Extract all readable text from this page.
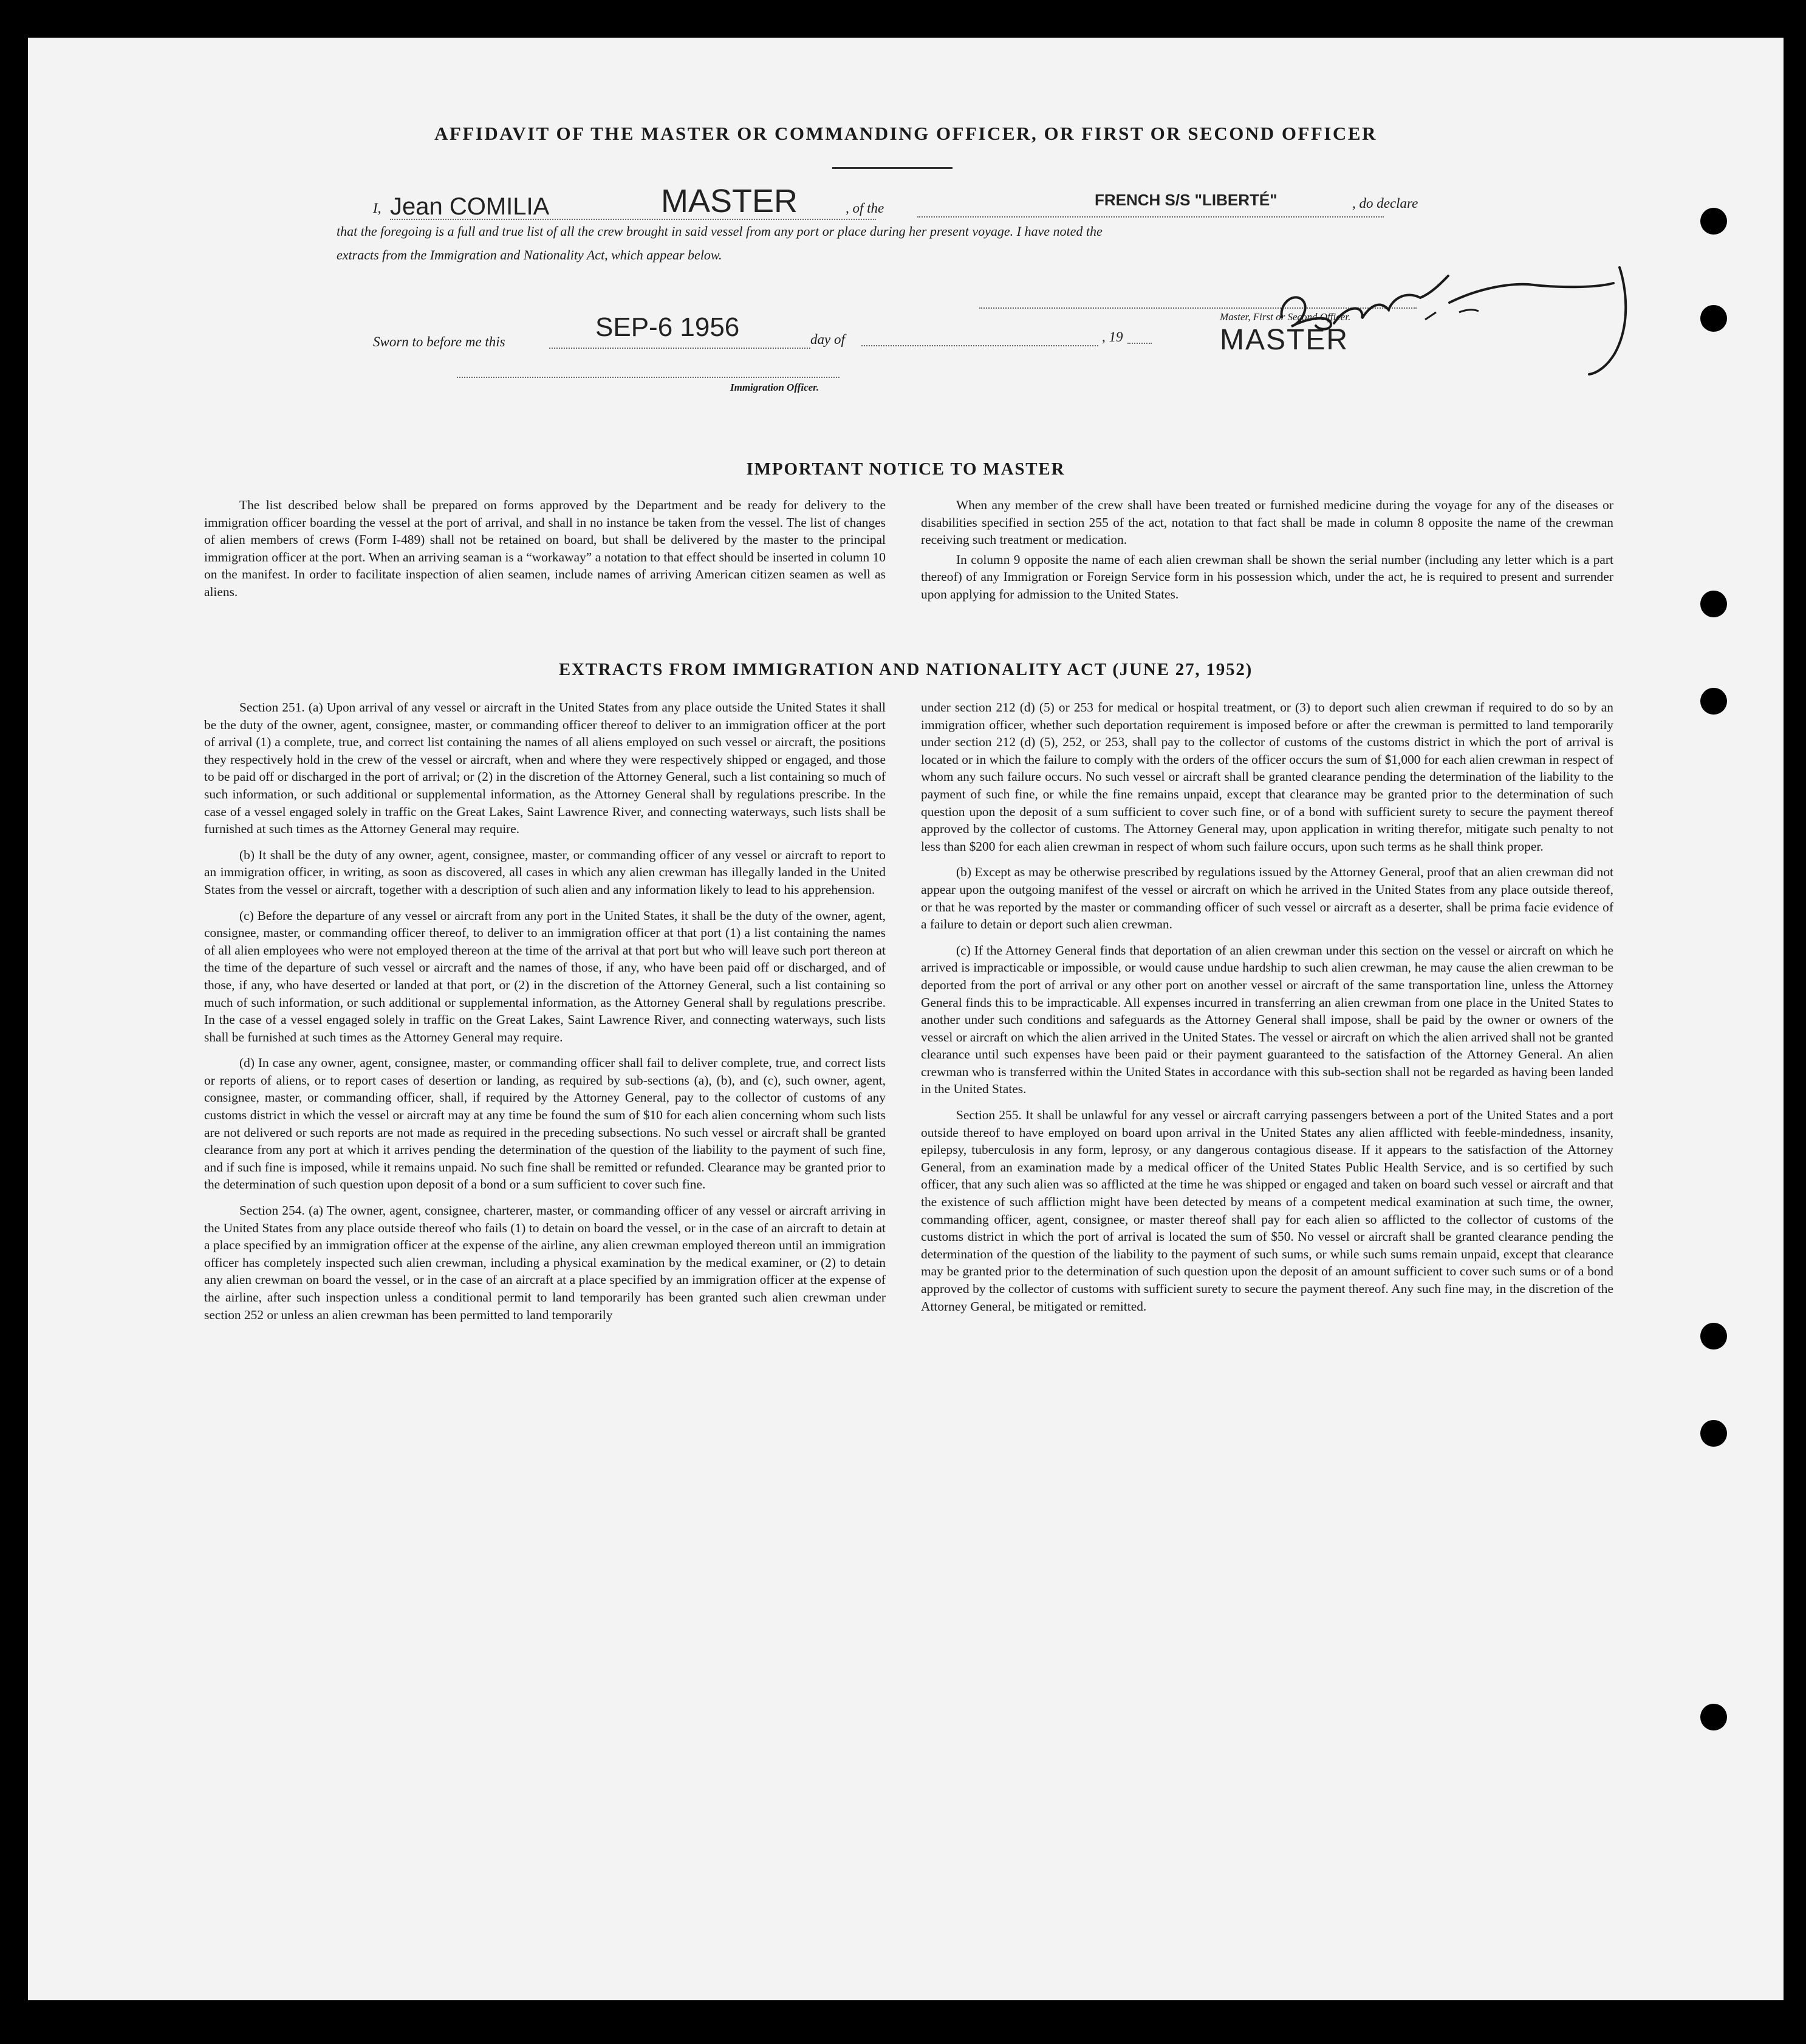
AFFIDAVIT OF THE MASTER OR COMMANDING OFFICER, OR FIRST OR SECOND OFFICER
I, Jean COMILIA	MASTER	, of the	FRENCH S/S "LIBERTÉ"	, do declare
that the foregoing is a full and true list of all the crew brought in said vessel from any port or place during her present voyage. I have noted the
extracts from the Immigration and Nationality Act, which appear below.
Sworn to before me this	SEP-6 1956	day of	, 19
Master, First or Second Officer.
MASTER
Immigration Officer.
IMPORTANT NOTICE TO MASTER

The list described below shall be prepared on forms approved by the Department and be ready for delivery to the immigration officer boarding the vessel at the port of arrival, and shall in no instance be taken from the vessel. The list of changes of alien members of crews (Form I-489) shall not be retained on board, but shall be delivered by the master to the principal immigration officer at the port. When an arriving seaman is a “workaway” a notation to that effect should be inserted in column 10 on the manifest. In order to facilitate inspection of alien seamen, include names of arriving American citizen seamen as well as aliens.

When any member of the crew shall have been treated or furnished medicine during the voyage for any of the diseases or disabilities specified in section 255 of the act, notation to that fact shall be made in column 8 opposite the name of the crewman receiving such treatment or medication.

In column 9 opposite the name of each alien crewman shall be shown the serial number (including any letter which is a part thereof) of any Immigration or Foreign Service form in his possession which, under the act, he is required to present and surrender upon applying for admission to the United States.

EXTRACTS FROM IMMIGRATION AND NATIONALITY ACT (JUNE 27, 1952)

Section 251. (a) Upon arrival of any vessel or aircraft in the United States from any place outside the United States it shall be the duty of the owner, agent, consignee, master, or commanding officer thereof to deliver to an immigration officer at the port of arrival (1) a complete, true, and correct list containing the names of all aliens employed on such vessel or aircraft, the positions they respectively hold in the crew of the vessel or aircraft, when and where they were respectively shipped or engaged, and those to be paid off or discharged in the port of arrival; or (2) in the discretion of the Attorney General, such a list containing so much of such information, or such additional or supplemental information, as the Attorney General shall by regulations prescribe. In the case of a vessel engaged solely in traffic on the Great Lakes, Saint Lawrence River, and connecting waterways, such lists shall be furnished at such times as the Attorney General may require.

(b) It shall be the duty of any owner, agent, consignee, master, or commanding officer of any vessel or aircraft to report to an immigration officer, in writing, as soon as discovered, all cases in which any alien crewman has illegally landed in the United States from the vessel or aircraft, together with a description of such alien and any information likely to lead to his apprehension.

(c) Before the departure of any vessel or aircraft from any port in the United States, it shall be the duty of the owner, agent, consignee, master, or commanding officer thereof, to deliver to an immigration officer at that port (1) a list containing the names of all alien employees who were not employed thereon at the time of the arrival at that port but who will leave such port thereon at the time of the departure of such vessel or aircraft and the names of those, if any, who have been paid off or discharged, and of those, if any, who have deserted or landed at that port, or (2) in the discretion of the Attorney General, such a list containing so much of such information, or such additional or supplemental information, as the Attorney General shall by regulations prescribe. In the case of a vessel engaged solely in traffic on the Great Lakes, Saint Lawrence River, and connecting waterways, such lists shall be furnished at such times as the Attorney General may require.

(d) In case any owner, agent, consignee, master, or commanding officer shall fail to deliver complete, true, and correct lists or reports of aliens, or to report cases of desertion or landing, as required by sub-sections (a), (b), and (c), such owner, agent, consignee, master, or commanding officer, shall, if required by the Attorney General, pay to the collector of customs of any customs district in which the vessel or aircraft may at any time be found the sum of $10 for each alien concerning whom such lists are not delivered or such reports are not made as required in the preceding subsections. No such vessel or aircraft shall be granted clearance from any port at which it arrives pending the determination of the question of the liability to the payment of such fine, and if such fine is imposed, while it remains unpaid. No such fine shall be remitted or refunded. Clearance may be granted prior to the determination of such question upon deposit of a bond or a sum sufficient to cover such fine.

Section 254. (a) The owner, agent, consignee, charterer, master, or commanding officer of any vessel or aircraft arriving in the United States from any place outside thereof who fails (1) to detain on board the vessel, or in the case of an aircraft to detain at a place specified by an immigration officer at the expense of the airline, any alien crewman employed thereon until an immigration officer has completely inspected such alien crewman, including a physical examination by the medical examiner, or (2) to detain any alien crewman on board the vessel, or in the case of an aircraft at a place specified by an immigration officer at the expense of the airline, after such inspection unless a conditional permit to land temporarily has been granted such alien crewman under section 252 or unless an alien crewman has been permitted to land temporarily

under section 212 (d) (5) or 253 for medical or hospital treatment, or (3) to deport such alien crewman if required to do so by an immigration officer, whether such deportation requirement is imposed before or after the crewman is permitted to land temporarily under section 212 (d) (5), 252, or 253, shall pay to the collector of customs of the customs district in which the port of arrival is located or in which the failure to comply with the orders of the officer occurs the sum of $1,000 for each alien crewman in respect of whom any such failure occurs. No such vessel or aircraft shall be granted clearance pending the determination of the liability to the payment of such fine, or while the fine remains unpaid, except that clearance may be granted prior to the determination of such question upon the deposit of a sum sufficient to cover such fine, or of a bond with sufficient surety to secure the payment thereof approved by the collector of customs. The Attorney General may, upon application in writing therefor, mitigate such penalty to not less than $200 for each alien crewman in respect of whom such failure occurs, upon such terms as he shall think proper.

(b) Except as may be otherwise prescribed by regulations issued by the Attorney General, proof that an alien crewman did not appear upon the outgoing manifest of the vessel or aircraft on which he arrived in the United States from any place outside thereof, or that he was reported by the master or commanding officer of such vessel or aircraft as a deserter, shall be prima facie evidence of a failure to detain or deport such alien crewman.

(c) If the Attorney General finds that deportation of an alien crewman under this section on the vessel or aircraft on which he arrived is impracticable or impossible, or would cause undue hardship to such alien crewman, he may cause the alien crewman to be deported from the port of arrival or any other port on another vessel or aircraft of the same transportation line, unless the Attorney General finds this to be impracticable. All expenses incurred in transferring an alien crewman from one place in the United States to another under such conditions and safeguards as the Attorney General shall impose, shall be paid by the owner or owners of the vessel or aircraft on which the alien arrived in the United States. The vessel or aircraft on which the alien arrived shall not be granted clearance until such expenses have been paid or their payment guaranteed to the satisfaction of the Attorney General. An alien crewman who is transferred within the United States in accordance with this sub-section shall not be regarded as having been landed in the United States.

Section 255. It shall be unlawful for any vessel or aircraft carrying passengers between a port of the United States and a port outside thereof to have employed on board upon arrival in the United States any alien afflicted with feeble-mindedness, insanity, epilepsy, tuberculosis in any form, leprosy, or any dangerous contagious disease. If it appears to the satisfaction of the Attorney General, from an examination made by a medical officer of the United States Public Health Service, and is so certified by such officer, that any such alien was so afflicted at the time he was shipped or engaged and taken on board such vessel or aircraft and that the existence of such affliction might have been detected by means of a competent medical examination at such time, the owner, commanding officer, agent, consignee, or master thereof shall pay for each alien so afflicted to the collector of customs of the customs district in which the port of arrival is located the sum of $50. No vessel or aircraft shall be granted clearance pending the determination of the question of the liability to the payment of such sums, or while such sums remain unpaid, except that clearance may be granted prior to the determination of such question upon the deposit of an amount sufficient to cover such sums or of a bond approved by the collector of customs with sufficient surety to secure the payment thereof. Any such fine may, in the discretion of the Attorney General, be mitigated or remitted.
